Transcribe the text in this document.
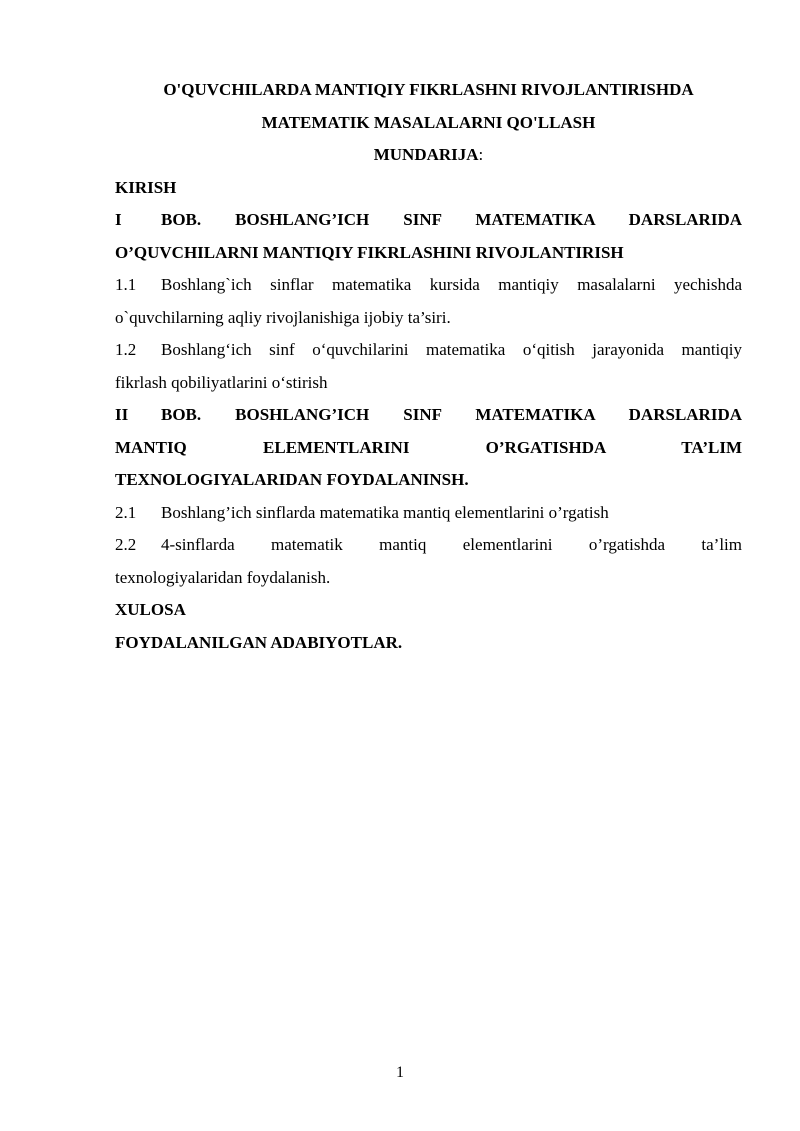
O'QUVCHILARDA MANTIQIY FIKRLASHNI RIVOJLANTIRISHDA

MATEMATIK MASALALARNI QO'LLASH

MUNDARIJA:

KIRISH

I BOB. BOSHLANG’ICH SINF MATEMATIKA DARSLARIDA

O’QUVCHILARNI MANTIQIY FIKRLASHINI RIVOJLANTIRISH

1.1 Boshlang`ich sinflar matematika kursida mantiqiy masalalarni yechishda

o`quvchilarning aqliy rivojlanishiga ijobiy ta’siri.

1.2 Boshlang‘ich sinf o‘quvchilarini matematika o‘qitish jarayonida mantiqiy

fikrlash qobiliyatlarini o‘stirish

II BOB. BOSHLANG’ICH SINF MATEMATIKA DARSLARIDA

MANTIQ ELEMENTLARINI O’RGATISHDA TA’LIM

TEXNOLOGIYALARIDAN FOYDALANINSH.

2.1 Boshlang’ich sinflarda matematika mantiq elementlarini o’rgatish

2.2 4-sinflarda matematik mantiq elementlarini o’rgatishda ta’lim

texnologiyalaridan foydalanish.

XULOSA

FOYDALANILGAN ADABIYOTLAR.

1
